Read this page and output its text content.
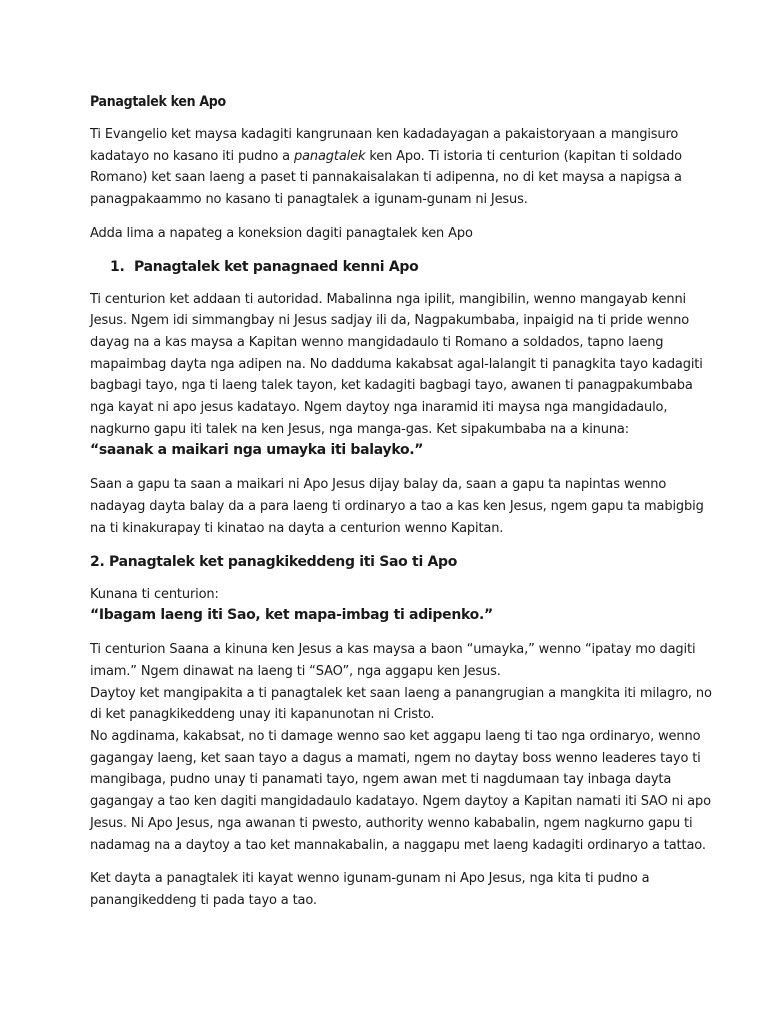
Panagtalek ken Apo

Ti Evangelio ket maysa kadagiti kangrunaan ken kadadayagan a pakaistoryaan a mangisuro
kadatayo no kasano iti pudno a panagtalek ken Apo. Ti istoria ti centurion (kapitan ti soldado
Romano) ket saan laeng a paset ti pannakaisalakan ti adipenna, no di ket maysa a napigsa a
panagpakaammo no kasano ti panagtalek a igunam-gunam ni Jesus.

Adda lima a napateg a koneksion dagiti panagtalek ken Apo

1. Panagtalek ket panagnaed kenni Apo

Ti centurion ket addaan ti autoridad. Mabalinna nga ipilit, mangibilin, wenno mangayab kenni
Jesus. Ngem idi simmangbay ni Jesus sadjay ili da, Nagpakumbaba, inpaigid na ti pride wenno
dayag na a kas maysa a Kapitan wenno mangidadaulo ti Romano a soldados, tapno laeng
mapaimbag dayta nga adipen na. No dadduma kakabsat agal-lalangit ti panagkita tayo kadagiti
bagbagi tayo, nga ti laeng talek tayon, ket kadagiti bagbagi tayo, awanen ti panagpakumbaba
nga kayat ni apo jesus kadatayo. Ngem daytoy nga inaramid iti maysa nga mangidadaulo,
nagkurno gapu iti talek na ken Jesus, nga manga-gas. Ket sipakumbaba na a kinuna:

“saanak a maikari nga umayka iti balayko.”

Saan a gapu ta saan a maikari ni Apo Jesus dijay balay da, saan a gapu ta napintas wenno
nadayag dayta balay da a para laeng ti ordinaryo a tao a kas ken Jesus, ngem gapu ta mabigbig
na ti kinakurapay ti kinatao na dayta a centurion wenno Kapitan.

2. Panagtalek ket panagkikeddeng iti Sao ti Apo

Kunana ti centurion:

“Ibagam laeng iti Sao, ket mapa-imbag ti adipenko.”

Ti centurion Saana a kinuna ken Jesus a kas maysa a baon “umayka,” wenno “ipatay mo dagiti
imam.” Ngem dinawat na laeng ti “SAO”, nga aggapu ken Jesus.
Daytoy ket mangipakita a ti panagtalek ket saan laeng a panangrugian a mangkita iti milagro, no
di ket panagkikeddeng unay iti kapanunotan ni Cristo.
No agdinama, kakabsat, no ti damage wenno sao ket aggapu laeng ti tao nga ordinaryo, wenno
gagangay laeng, ket saan tayo a dagus a mamati, ngem no daytay boss wenno leaderes tayo ti
mangibaga, pudno unay ti panamati tayo, ngem awan met ti nagdumaan tay inbaga dayta
gagangay a tao ken dagiti mangidadaulo kadatayo. Ngem daytoy a Kapitan namati iti SAO ni apo
Jesus. Ni Apo Jesus, nga awanan ti pwesto, authority wenno kababalin, ngem nagkurno gapu ti
nadamag na a daytoy a tao ket mannakabalin, a naggapu met laeng kadagiti ordinaryo a tattao.

Ket dayta a panagtalek iti kayat wenno igunam-gunam ni Apo Jesus, nga kita ti pudno a
panangikeddeng ti pada tayo a tao.
